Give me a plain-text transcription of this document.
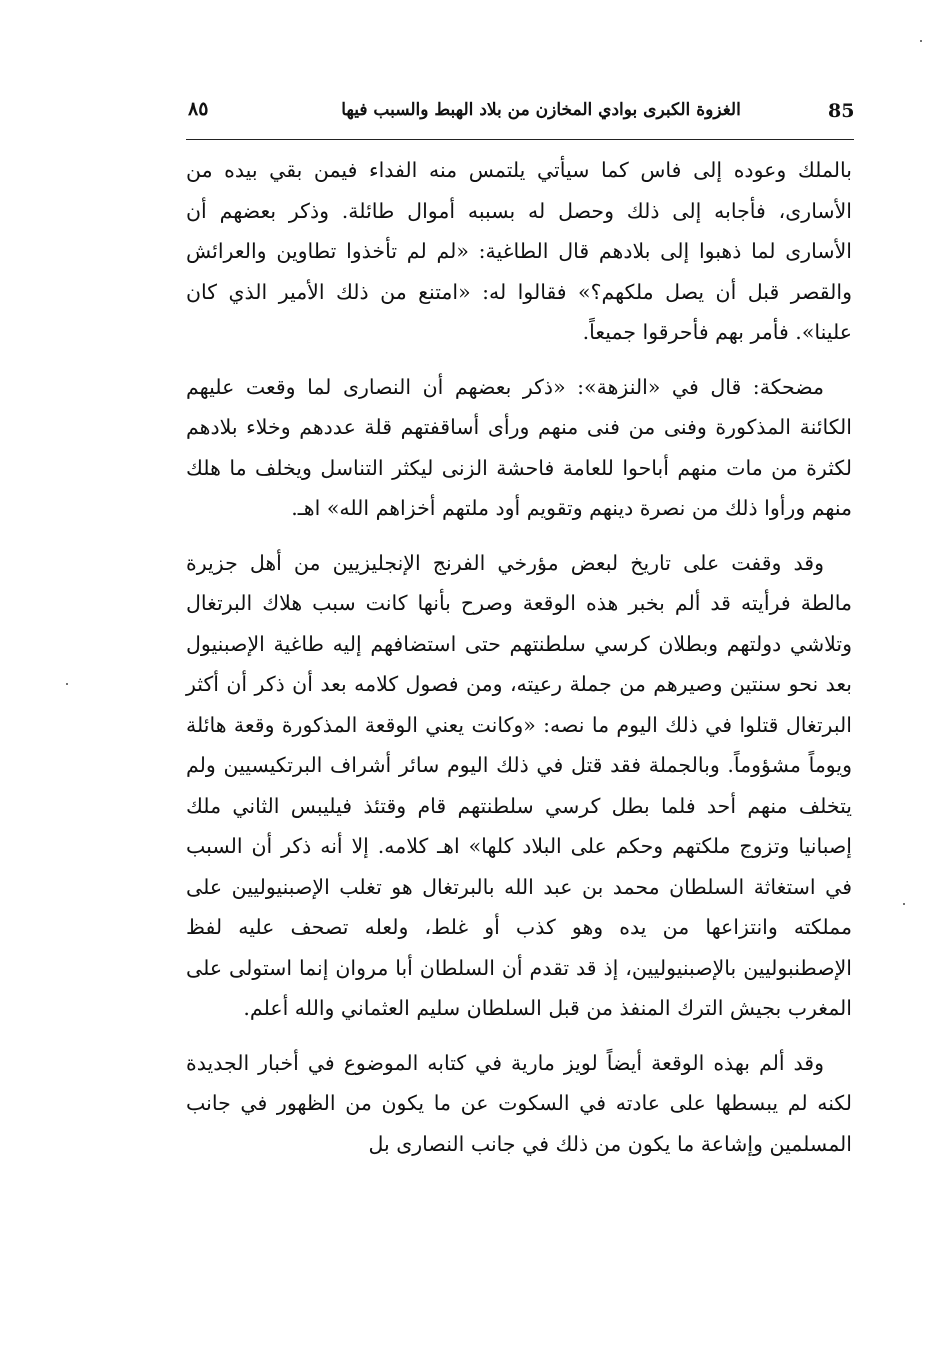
85
الغزوة الكبرى بوادي المخازن من بلاد الهبط والسبب فيها
٨٥

بالملك وعوده إلى فاس كما سيأتي يلتمس منه الفداء فيمن بقي بيده من الأسارى، فأجابه إلى ذلك وحصل له بسببه أموال طائلة. وذكر بعضهم أن الأسارى لما ذهبوا إلى بلادهم قال الطاغية: «لم لم تأخذوا تطاوين والعرائش والقصر قبل أن يصل ملكهم؟» فقالوا له: «امتنع من ذلك الأمير الذي كان علينا». فأمر بهم فأحرقوا جميعاً.

مضحكة: قال في «النزهة»: «ذكر بعضهم أن النصارى لما وقعت عليهم الكائنة المذكورة وفنى من فنى منهم ورأى أساقفتهم قلة عددهم وخلاء بلادهم لكثرة من مات منهم أباحوا للعامة فاحشة الزنى ليكثر التناسل ويخلف ما هلك منهم ورأوا ذلك من نصرة دينهم وتقويم أود ملتهم أخزاهم الله» اهـ.

وقد وقفت على تاريخ لبعض مؤرخي الفرنج الإنجليزيين من أهل جزيرة مالطة فرأيته قد ألم بخبر هذه الوقعة وصرح بأنها كانت سبب هلاك البرتغال وتلاشي دولتهم وبطلان كرسي سلطنتهم حتى استضافهم إليه طاغية الإصبنيول بعد نحو سنتين وصيرهم من جملة رعيته، ومن فصول كلامه بعد أن ذكر أن أكثر البرتغال قتلوا في ذلك اليوم ما نصه: «وكانت يعني الوقعة المذكورة وقعة هائلة ويوماً مشؤوماً. وبالجملة فقد قتل في ذلك اليوم سائر أشراف البرتكيسيين ولم يتخلف منهم أحد فلما بطل كرسي سلطنتهم قام وقتئذ فيليبس الثاني ملك إصبانيا وتزوج ملكتهم وحكم على البلاد كلها» اهـ كلامه. إلا أنه ذكر أن السبب في استغاثة السلطان محمد بن عبد الله بالبرتغال هو تغلب الإصبنيوليين على مملكته وانتزاعها من يده وهو كذب أو غلط، ولعله تصحف عليه لفظ الإصطنبوليين بالإصبنيوليين، إذ قد تقدم أن السلطان أبا مروان إنما استولى على المغرب بجيش الترك المنفذ من قبل السلطان سليم العثماني والله أعلم.

وقد ألم بهذه الوقعة أيضاً لويز مارية في كتابه الموضوع في أخبار الجديدة لكنه لم يبسطها على عادته في السكوت عن ما يكون من الظهور في جانب المسلمين وإشاعة ما يكون من ذلك في جانب النصارى بل
